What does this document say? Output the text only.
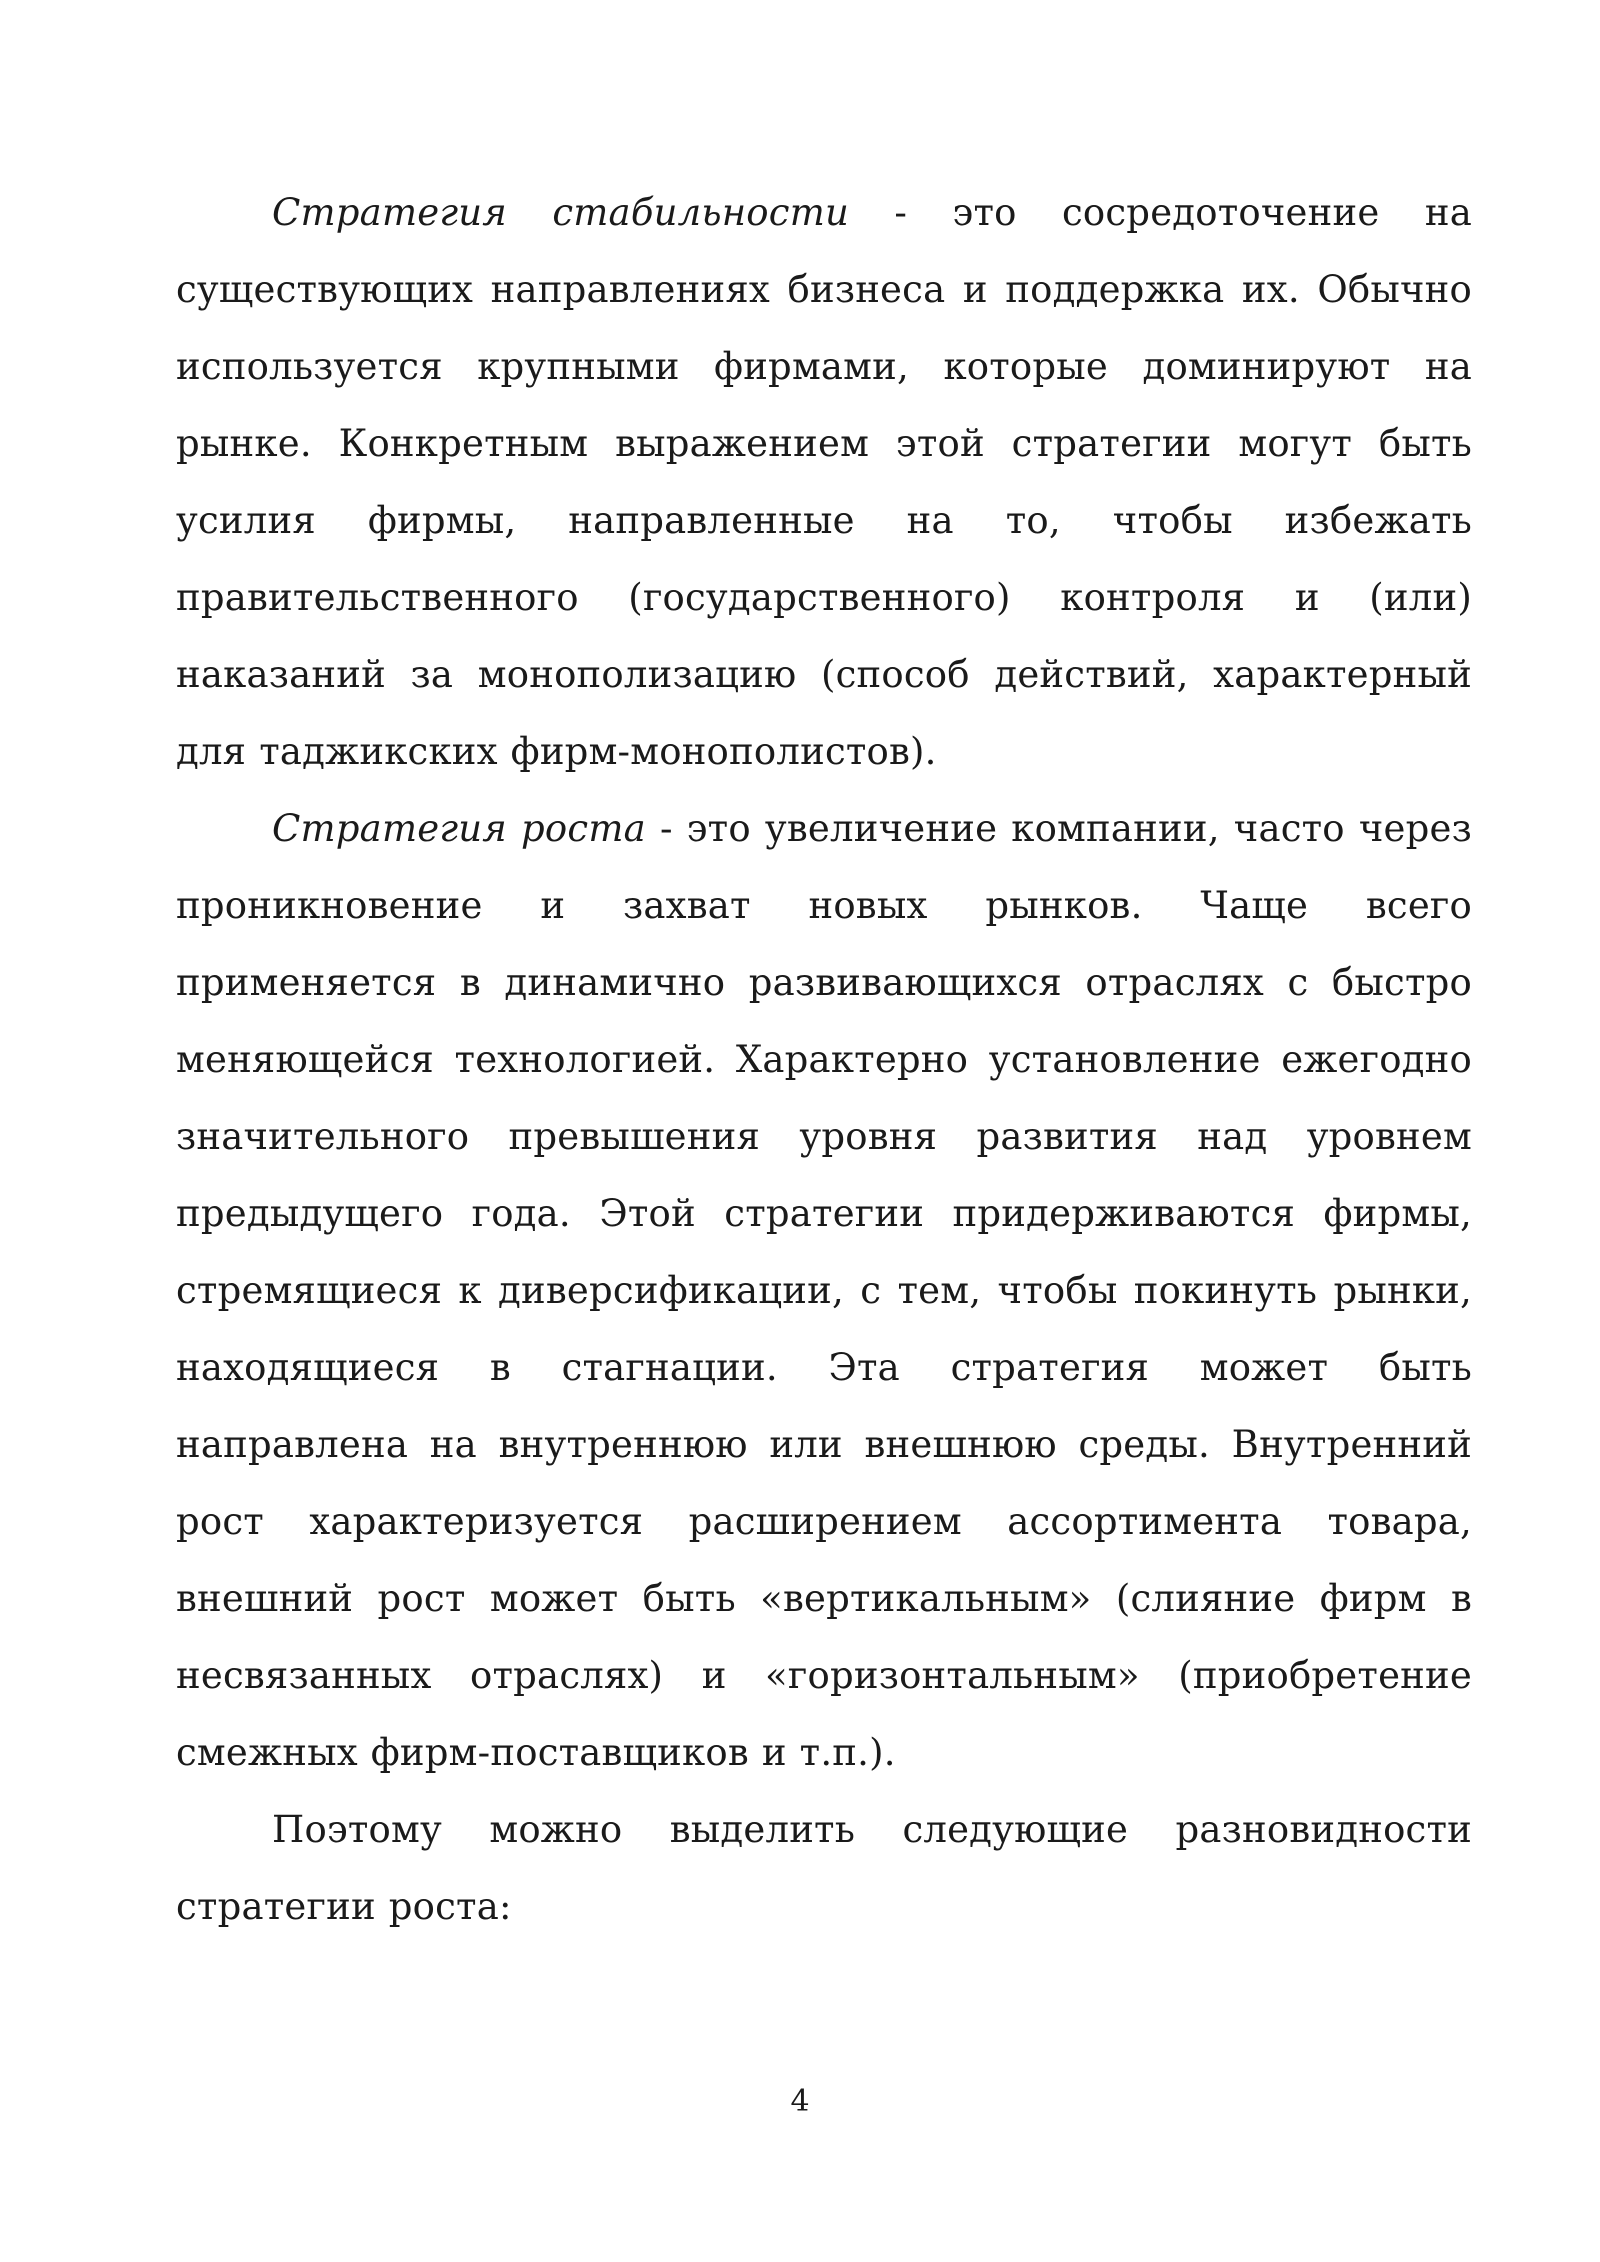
Стратегия стабильности - это сосредоточение на существующих направлениях бизнеса и поддержка их. Обычно используется крупными фирмами, которые доминируют на рынке. Конкретным выражением этой стратегии могут быть усилия фирмы, направленные на то, чтобы избежать правительственного (государственного) контроля и (или) наказаний за монополизацию (способ действий, характерный для таджикских фирм-монополистов).

Стратегия роста - это увеличение компании, часто через проникновение и захват новых рынков. Чаще всего применяется в динамично развивающихся отраслях с быстро меняющейся технологией. Характерно установление ежегодно значительного превышения уровня развития над уровнем предыдущего года. Этой стратегии придерживаются фирмы, стремящиеся к диверсификации, с тем, чтобы покинуть рынки, находящиеся в стагнации. Эта стратегия может быть направлена на внутреннюю или внешнюю среды. Внутренний рост характеризуется расширением ассортимента товара, внешний рост может быть «вертикальным» (слияние фирм в несвязанных отраслях) и «горизонтальным» (приобретение смежных фирм-поставщиков и т.п.).

Поэтому можно выделить следующие разновидности стратегии роста:

4
